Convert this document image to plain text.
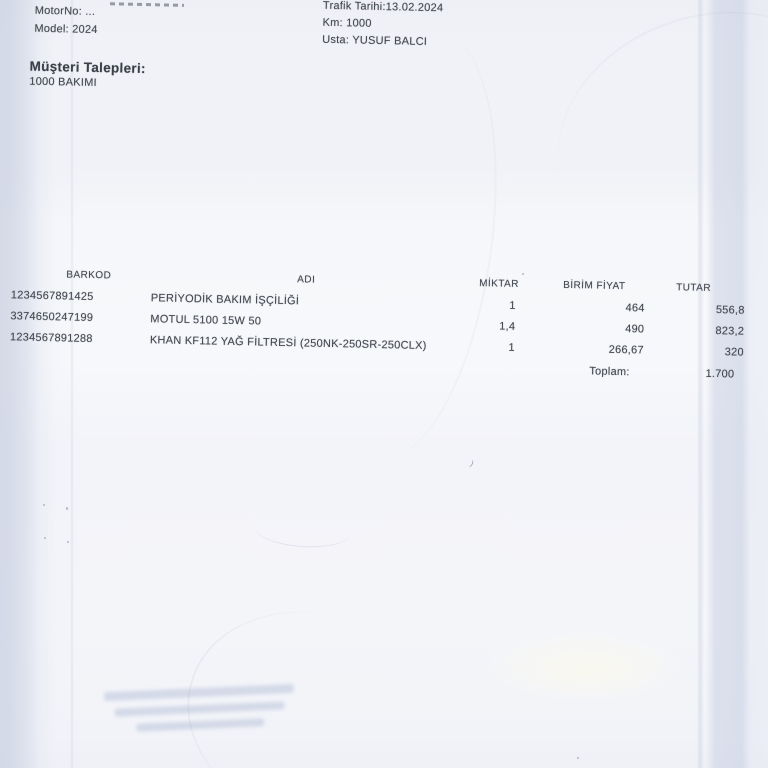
MotorNo: ...
Model: 2024
Trafik Tarihi:13.02.2024
Km: 1000
Usta: YUSUF BALCI
Müşteri Talepleri:
1000 BAKIMI
BARKOD	ADI	MİKTAR	BİRİM FİYAT	TUTAR
1234567891425	PERİYODİK BAKIM İŞÇİLİĞİ	1	464	556,8
3374650247199	MOTUL 5100 15W 50	1,4	490	823,2
1234567891288	KHAN KF112 YAĞ FİLTRESİ (250NK-250SR-250CLX)	1	266,67	320
Toplam:	1.700
